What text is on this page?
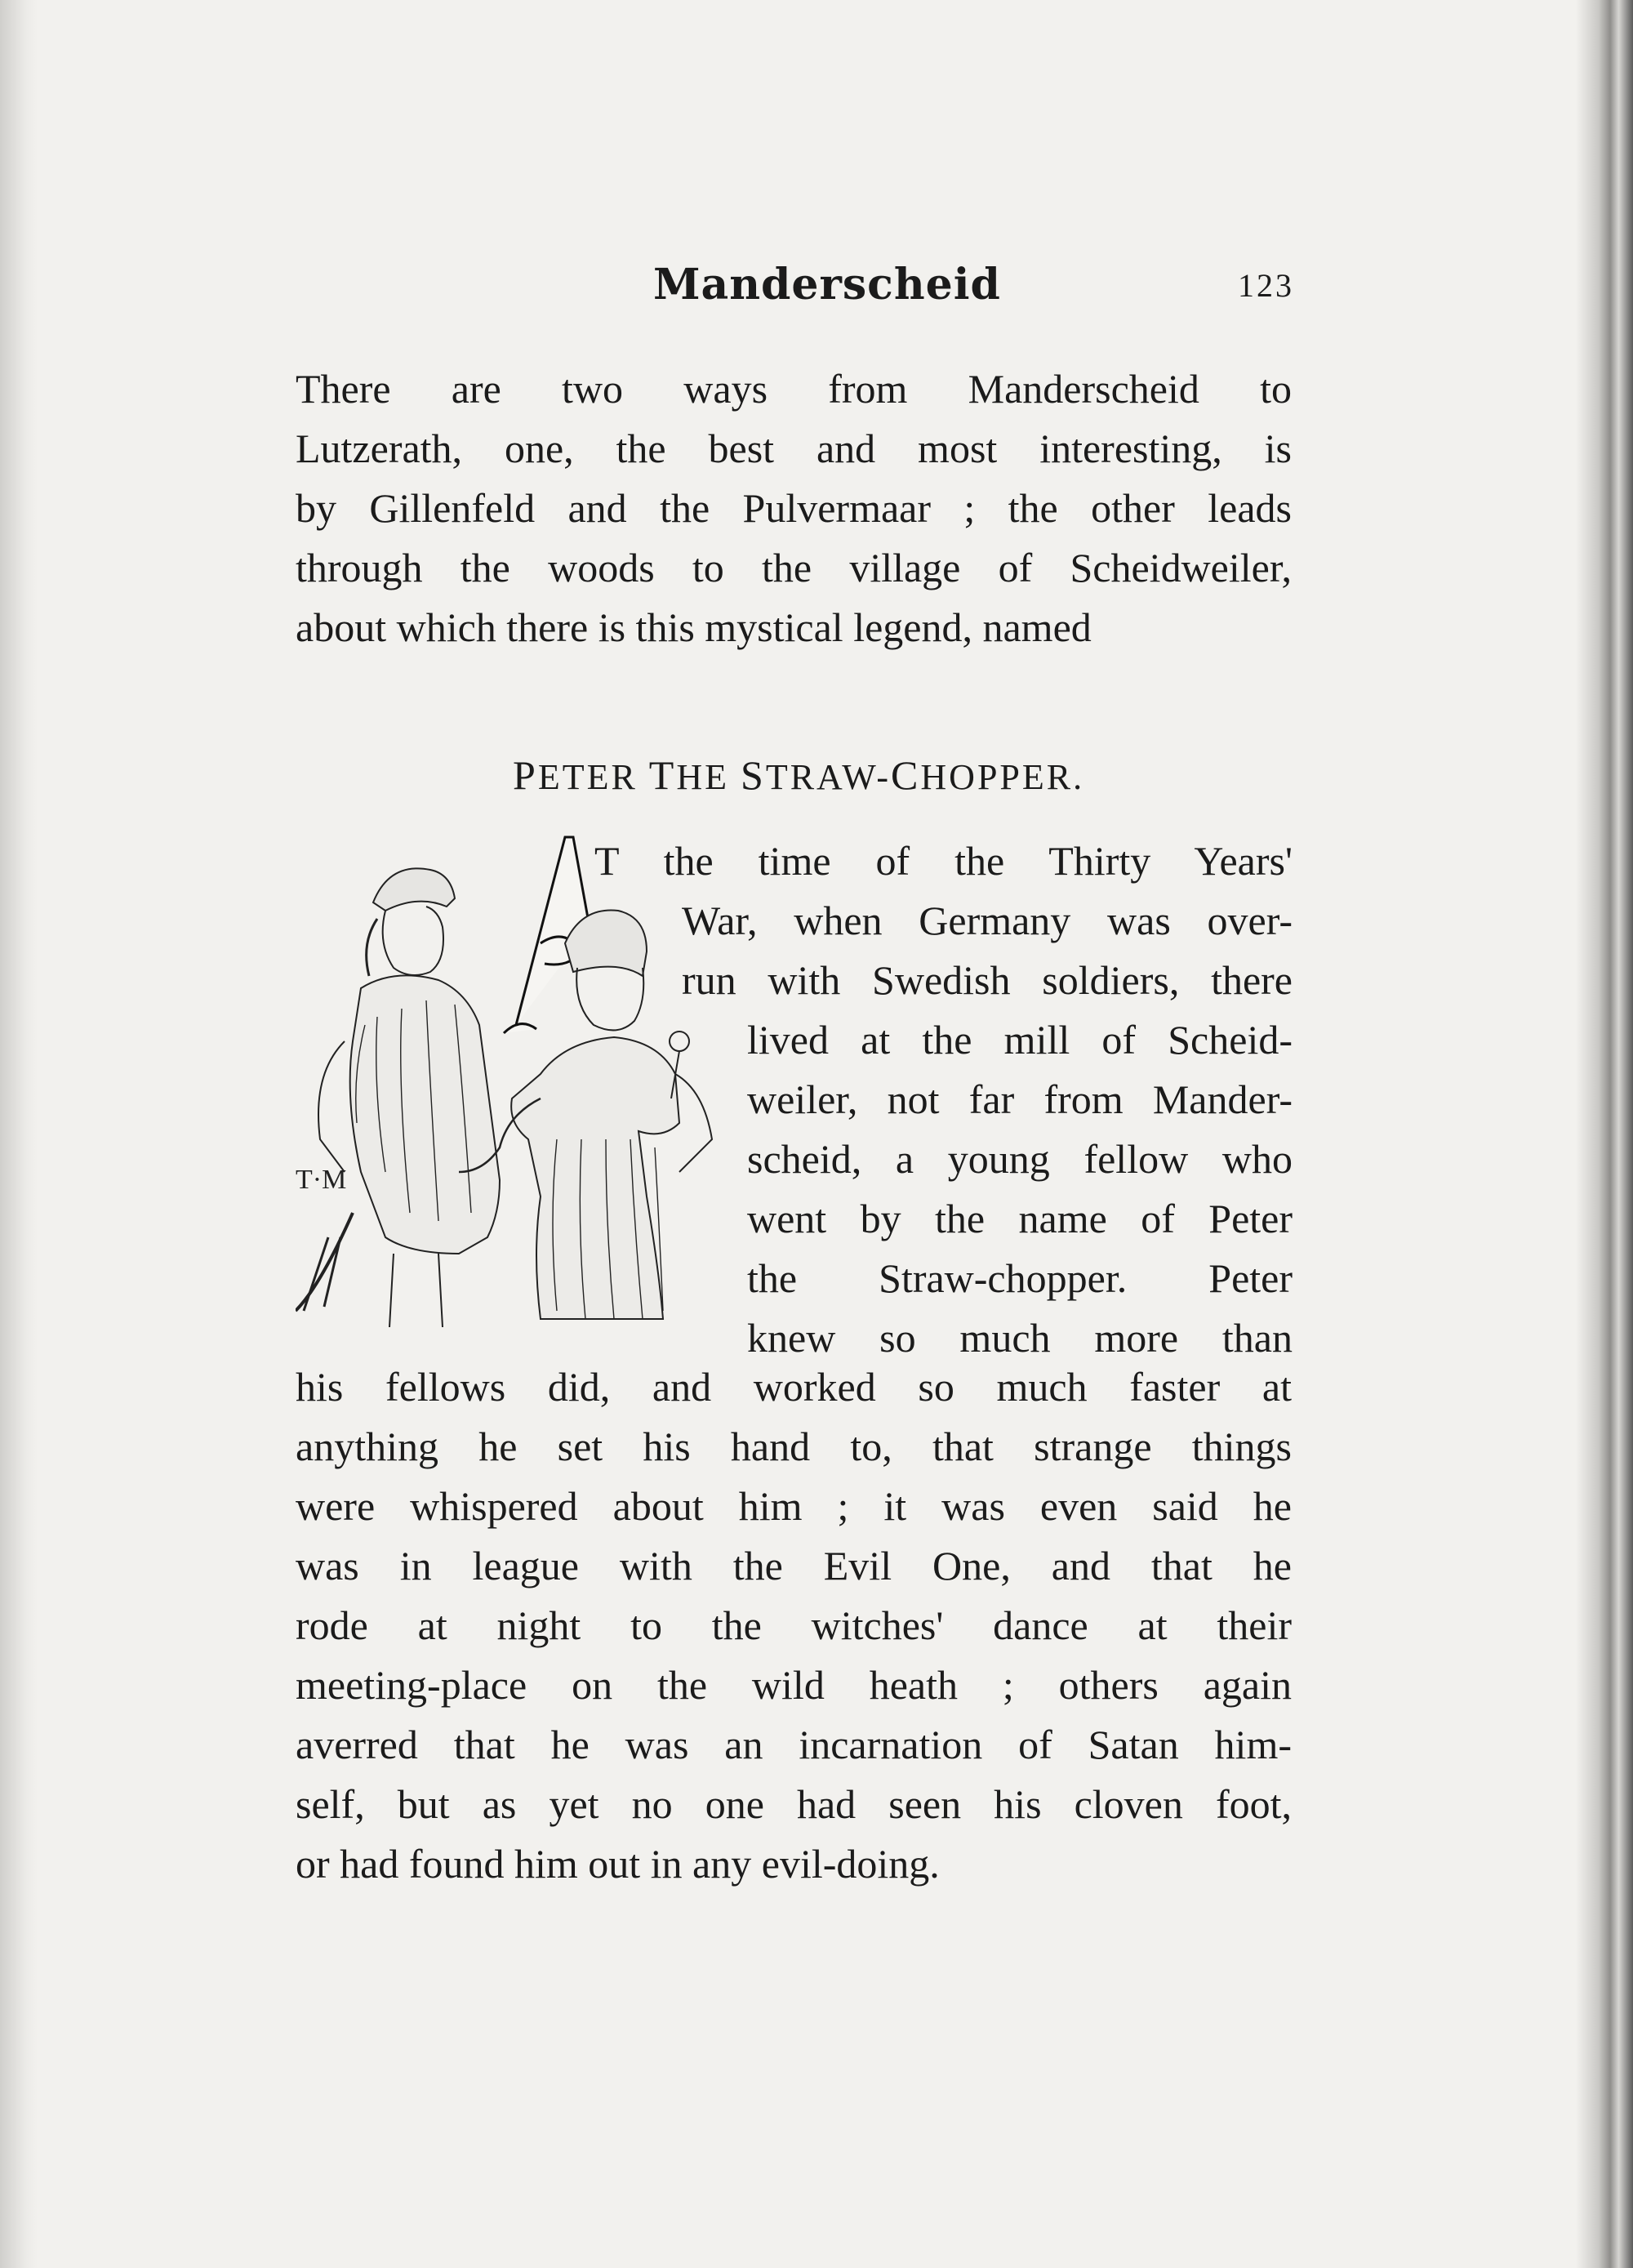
Manderscheid	123
There are two ways from Manderscheid to
Lutzerath, one, the best and most interesting, is
by Gillenfeld and the Pulvermaar ; the other leads
through the woods to the village of Scheidweiler,
about which there is this mystical legend, named
PETER THE STRAW-CHOPPER.
T·M
T the time of the Thirty Years'
War, when Germany was over-
run with Swedish soldiers, there
lived at the mill of Scheid-
weiler, not far from Mander-
scheid, a young fellow who
went by the name of Peter
the Straw-chopper. Peter
knew so much more than
his fellows did, and worked so much faster at
anything he set his hand to, that strange things
were whispered about him ; it was even said he
was in league with the Evil One, and that he
rode at night to the witches' dance at their
meeting-place on the wild heath ; others again
averred that he was an incarnation of Satan him-
self, but as yet no one had seen his cloven foot,
or had found him out in any evil-doing.
